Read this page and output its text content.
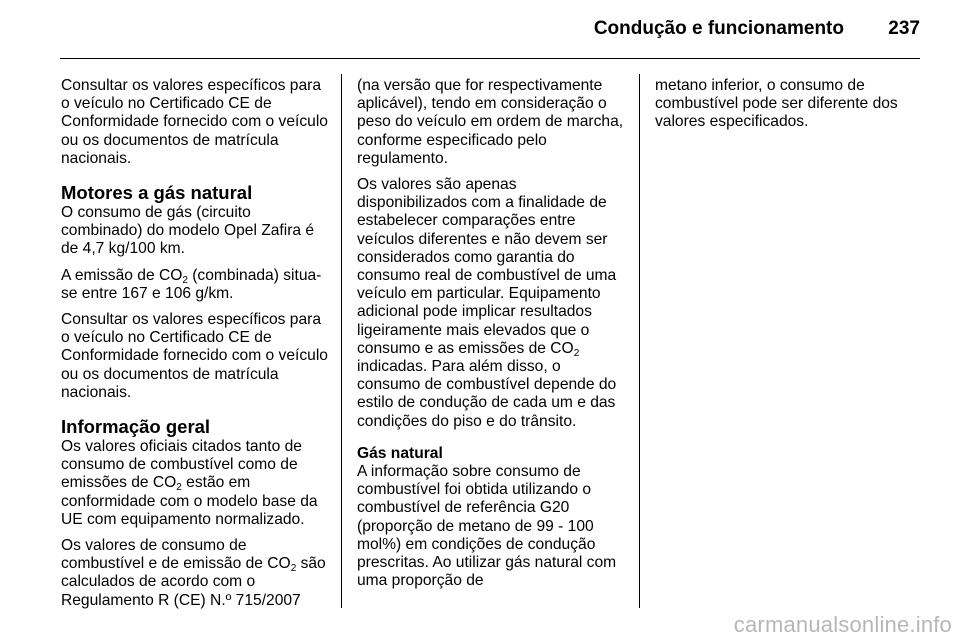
Condução e funcionamento 237

Consultar os valores específicos para o veículo no Certificado CE de Conformidade fornecido com o veículo ou os documentos de matrícula nacionais.

Motores a gás natural

O consumo de gás (circuito combinado) do modelo Opel Zafira é de 4,7 kg/100 km.

A emissão de $CO_2$ (combinada) situa-se entre 167 e 106 g/km.

Consultar os valores específicos para o veículo no Certificado CE de Conformidade fornecido com o veículo ou os documentos de matrícula nacionais.

Informação geral

Os valores oficiais citados tanto de consumo de combustível como de emissões de $CO_2$ estão em conformidade com o modelo base da UE com equipamento normalizado.

Os valores de consumo de combustível e de emissão de $CO_2$ são calculados de acordo com o Regulamento R (CE) N.º 715/2007

(na versão que for respectivamente aplicável), tendo em consideração o peso do veículo em ordem de marcha, conforme especificado pelo regulamento.

Os valores são apenas disponibilizados com a finalidade de estabelecer comparações entre veículos diferentes e não devem ser considerados como garantia do consumo real de combustível de uma veículo em particular. Equipamento adicional pode implicar resultados ligeiramente mais elevados que o consumo e as emissões de $CO_2$ indicadas. Para além disso, o consumo de combustível depende do estilo de condução de cada um e das condições do piso e do trânsito.

Gás natural

A informação sobre consumo de combustível foi obtida utilizando o combustível de referência G20 (proporção de metano de 99 - 100 mol%) em condições de condução prescritas. Ao utilizar gás natural com uma proporção de

metano inferior, o consumo de combustível pode ser diferente dos valores especificados.

carmanualsonline.info
